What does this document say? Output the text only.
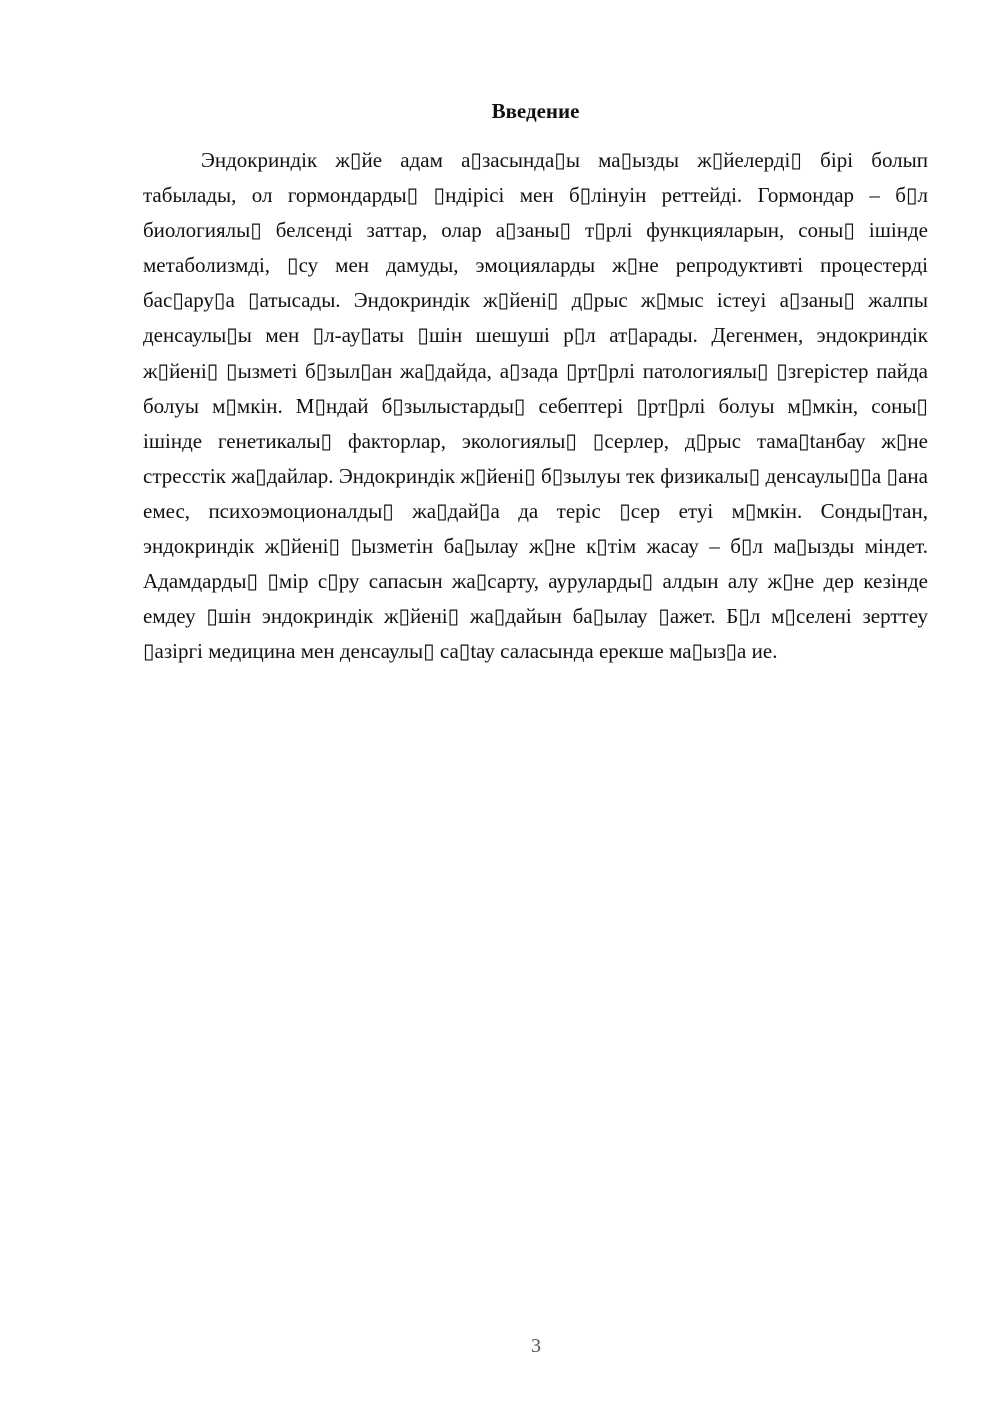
Введение

Эндокриндік ж▯йе адам а▯засында▯ы ма▯ызды ж▯йелерді▯ бірі болып табылады, ол гормондарды▯ ▯ндірісі мен б▯лінуін реттейді. Гормондар – б▯л биологиялы▯ белсенді заттар, олар а▯заны▯ т▯рлі функцияларын, соны▯ ішінде метаболизмді, ▯су мен дамуды, эмоцияларды ж▯не репродуктивті процестерді бас▯ару▯а ▯атысады. Эндокриндік ж▯йені▯ д▯рыс ж▯мыс істеуі а▯заны▯ жалпы денсаулы▯ы мен ▯л-ау▯аты ▯шін шешуші р▯л ат▯арады. Дегенмен, эндокриндік ж▯йені▯ ▯ызметі б▯зыл▯ан жа▯дайда, а▯зада ▯рт▯рлі патологиялы▯ ▯згерістер пайда болуы м▯мкін. М▯ндай б▯зылыстарды▯ себептері ▯рт▯рлі болуы м▯мкін, соны▯ ішінде генетикалы▯ факторлар, экологиялы▯ ▯серлер, д▯рыс тама▯tанбау ж▯не стресстік жа▯дайлар. Эндокриндік ж▯йені▯ б▯зылуы тек физикалы▯ денсаулы▯▯а ▯ана емес, психоэмоционалды▯ жа▯дай▯а да теріс ▯сер етуі м▯мкін. Сонды▯тан, эндокриндік ж▯йені▯ ▯ызметін ба▯ылау ж▯не к▯тім жасау – б▯л ма▯ызды міндет. Адамдарды▯ ▯мір с▯ру сапасын жа▯сарту, ауруларды▯ алдын алу ж▯не дер кезінде емдеу ▯шін эндокриндік ж▯йені▯ жа▯дайын ба▯ылау ▯ажет. Б▯л м▯селені зерттеу ▯азіргі медицина мен денсаулы▯ са▯tау саласында ерекше ма▯ыз▯а ие.

3
